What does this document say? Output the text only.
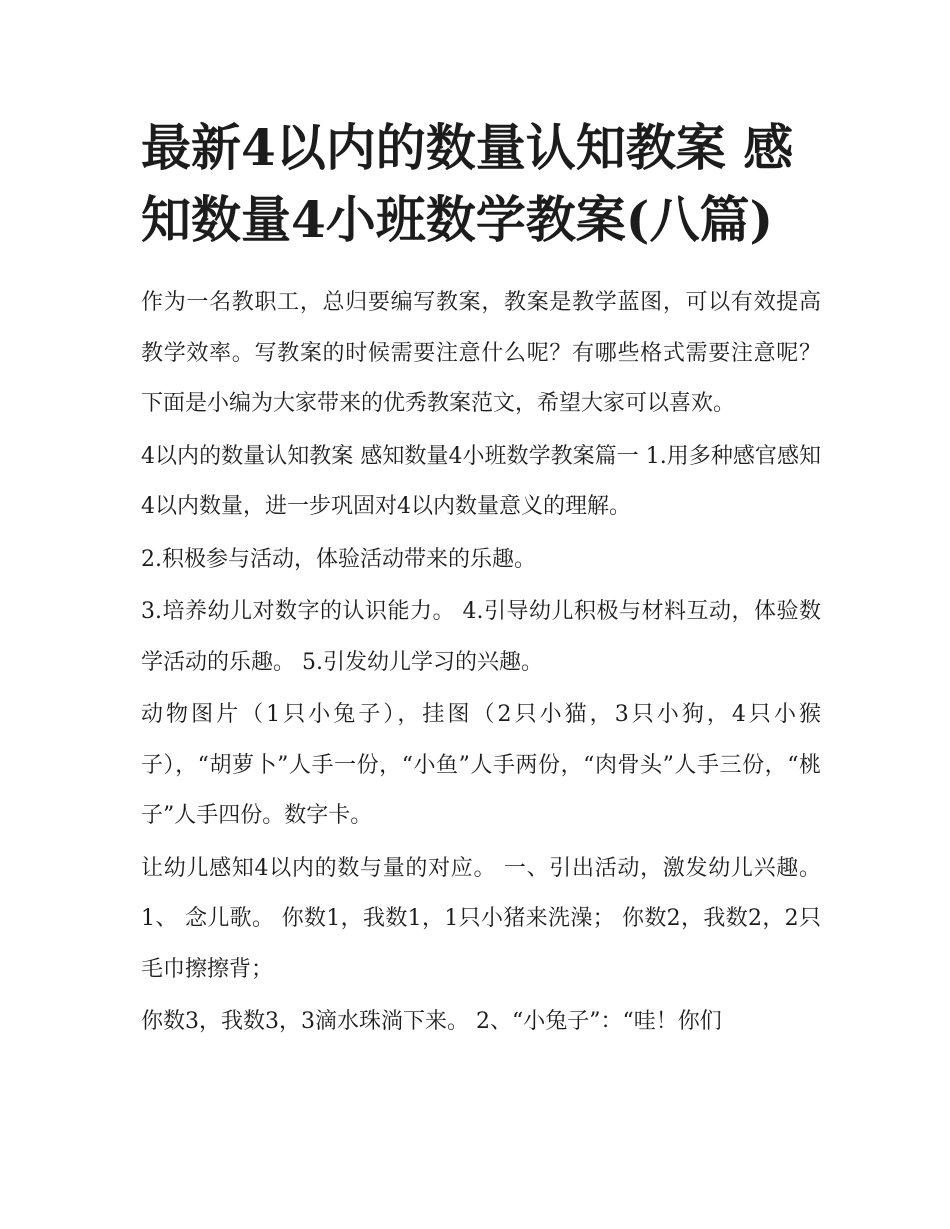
最新4以内的数量认知教案 感知数量4小班数学教案(八篇)

作为一名教职工，总归要编写教案，教案是教学蓝图，可以有效提高教学效率。写教案的时候需要注意什么呢？有哪些格式需要注意呢？下面是小编为大家带来的优秀教案范文，希望大家可以喜欢。

4以内的数量认知教案 感知数量4小班数学教案篇一 1.用多种感官感知4以内数量，进一步巩固对4以内数量意义的理解。

2.积极参与活动，体验活动带来的乐趣。

3.培养幼儿对数字的认识能力。 4.引导幼儿积极与材料互动，体验数学活动的乐趣。 5.引发幼儿学习的兴趣。

动物图片（1只小兔子），挂图（2只小猫，3只小狗，4只小猴子），“胡萝卜”人手一份，“小鱼”人手两份，“肉骨头”人手三份，“桃子”人手四份。数字卡。

让幼儿感知4以内的数与量的对应。 一、引出活动，激发幼儿兴趣。 1、 念儿歌。 你数1，我数1，1只小猪来洗澡； 你数2，我数2，2只毛巾擦擦背；

你数3，我数3，3滴水珠淌下来。 2、“小兔子”：“哇！你们
